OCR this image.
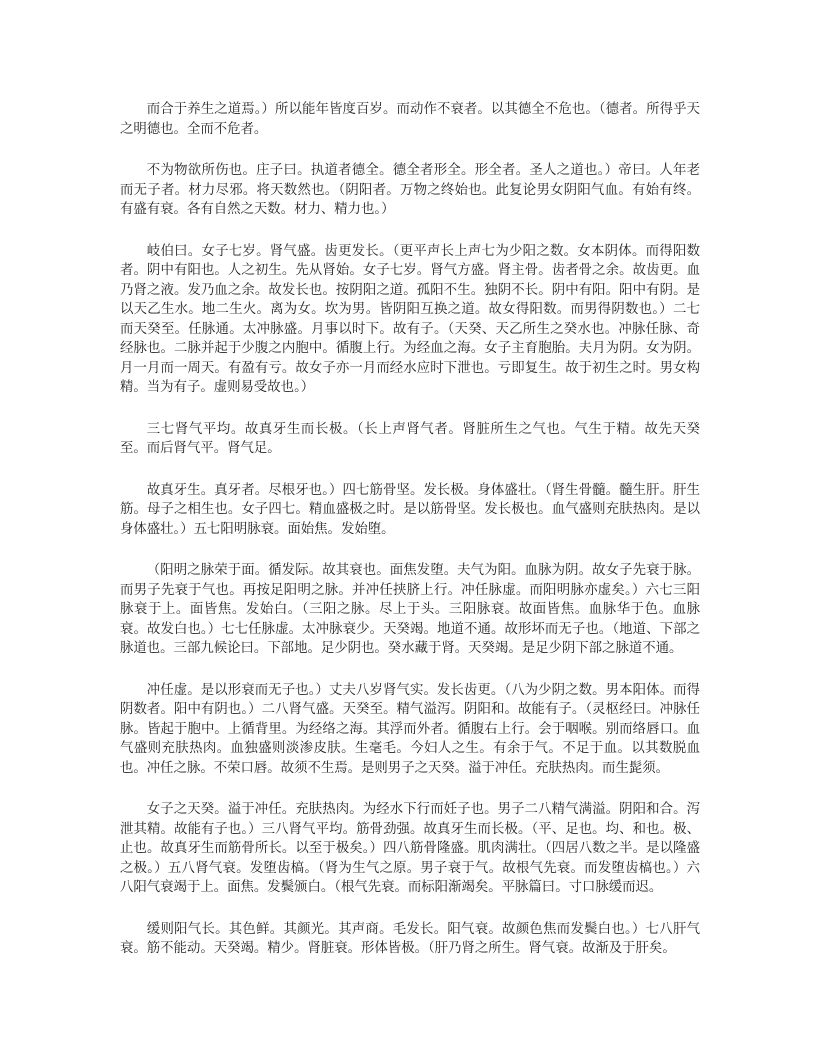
而合于养生之道焉。）所以能年皆度百岁。而动作不衰者。以其德全不危也。（德者。所得乎天之明德也。全而不危者。

不为物欲所伤也。庄子曰。执道者德全。德全者形全。形全者。圣人之道也。）帝曰。人年老而无子者。材力尽邪。将天数然也。（阴阳者。万物之终始也。此复论男女阴阳气血。有始有终。有盛有衰。各有自然之天数。材力、精力也。）

岐伯曰。女子七岁。肾气盛。齿更发长。（更平声长上声七为少阳之数。女本阴体。而得阳数者。阴中有阳也。人之初生。先从肾始。女子七岁。肾气方盛。肾主骨。齿者骨之余。故齿更。血乃肾之液。发乃血之余。故发长也。按阴阳之道。孤阳不生。独阴不长。阴中有阳。阳中有阴。是以天乙生水。地二生火。离为女。坎为男。皆阴阳互换之道。故女得阳数。而男得阴数也。）二七而天癸至。任脉通。太冲脉盛。月事以时下。故有子。（天癸、天乙所生之癸水也。冲脉任脉、奇经脉也。二脉并起于少腹之内胞中。循腹上行。为经血之海。女子主育胞胎。夫月为阴。女为阴。月一月而一周天。有盈有亏。故女子亦一月而经水应时下泄也。亏即复生。故于初生之时。男女构精。当为有子。虚则易受故也。）

三七肾气平均。故真牙生而长极。（长上声肾气者。肾脏所生之气也。气生于精。故先天癸至。而后肾气平。肾气足。

故真牙生。真牙者。尽根牙也。）四七筋骨坚。发长极。身体盛壮。（肾生骨髓。髓生肝。肝生筋。母子之相生也。女子四七。精血盛极之时。是以筋骨坚。发长极也。血气盛则充肤热肉。是以身体盛壮。）五七阳明脉衰。面始焦。发始堕。

（阳明之脉荣于面。循发际。故其衰也。面焦发堕。夫气为阳。血脉为阴。故女子先衰于脉。而男子先衰于气也。再按足阳明之脉。并冲任挟脐上行。冲任脉虚。而阳明脉亦虚矣。）六七三阳脉衰于上。面皆焦。发始白。（三阳之脉。尽上于头。三阳脉衰。故面皆焦。血脉华于色。血脉衰。故发白也。）七七任脉虚。太冲脉衰少。天癸竭。地道不通。故形坏而无子也。（地道、下部之脉道也。三部九候论曰。下部地。足少阴也。癸水藏于肾。天癸竭。是足少阴下部之脉道不通。

冲任虚。是以形衰而无子也。）丈夫八岁肾气实。发长齿更。（八为少阴之数。男本阳体。而得阴数者。阳中有阴也。）二八肾气盛。天癸至。精气溢泻。阴阳和。故能有子。（灵枢经曰。冲脉任脉。皆起于胞中。上循背里。为经络之海。其浮而外者。循腹右上行。会于咽喉。别而络唇口。血气盛则充肤热肉。血独盛则淡渗皮肤。生毫毛。今妇人之生。有余于气。不足于血。以其数脱血也。冲任之脉。不荣口唇。故须不生焉。是则男子之天癸。溢于冲任。充肤热肉。而生髭须。

女子之天癸。溢于冲任。充肤热肉。为经水下行而妊子也。男子二八精气满溢。阴阳和合。泻泄其精。故能有子也。）三八肾气平均。筋骨劲强。故真牙生而长极。（平、足也。均、和也。极、止也。故真牙生而筋骨所长。以至于极矣。）四八筋骨隆盛。肌肉满壮。（四居八数之半。是以隆盛之极。）五八肾气衰。发堕齿槁。（肾为生气之原。男子衰于气。故根气先衰。而发堕齿槁也。）六八阳气衰竭于上。面焦。发鬓颁白。（根气先衰。而标阳渐竭矣。平脉篇曰。寸口脉缓而迟。

缓则阳气长。其色鲜。其颜光。其声商。毛发长。阳气衰。故颜色焦而发鬓白也。）七八肝气衰。筋不能动。天癸竭。精少。肾脏衰。形体皆极。（肝乃肾之所生。肾气衰。故渐及于肝矣。
